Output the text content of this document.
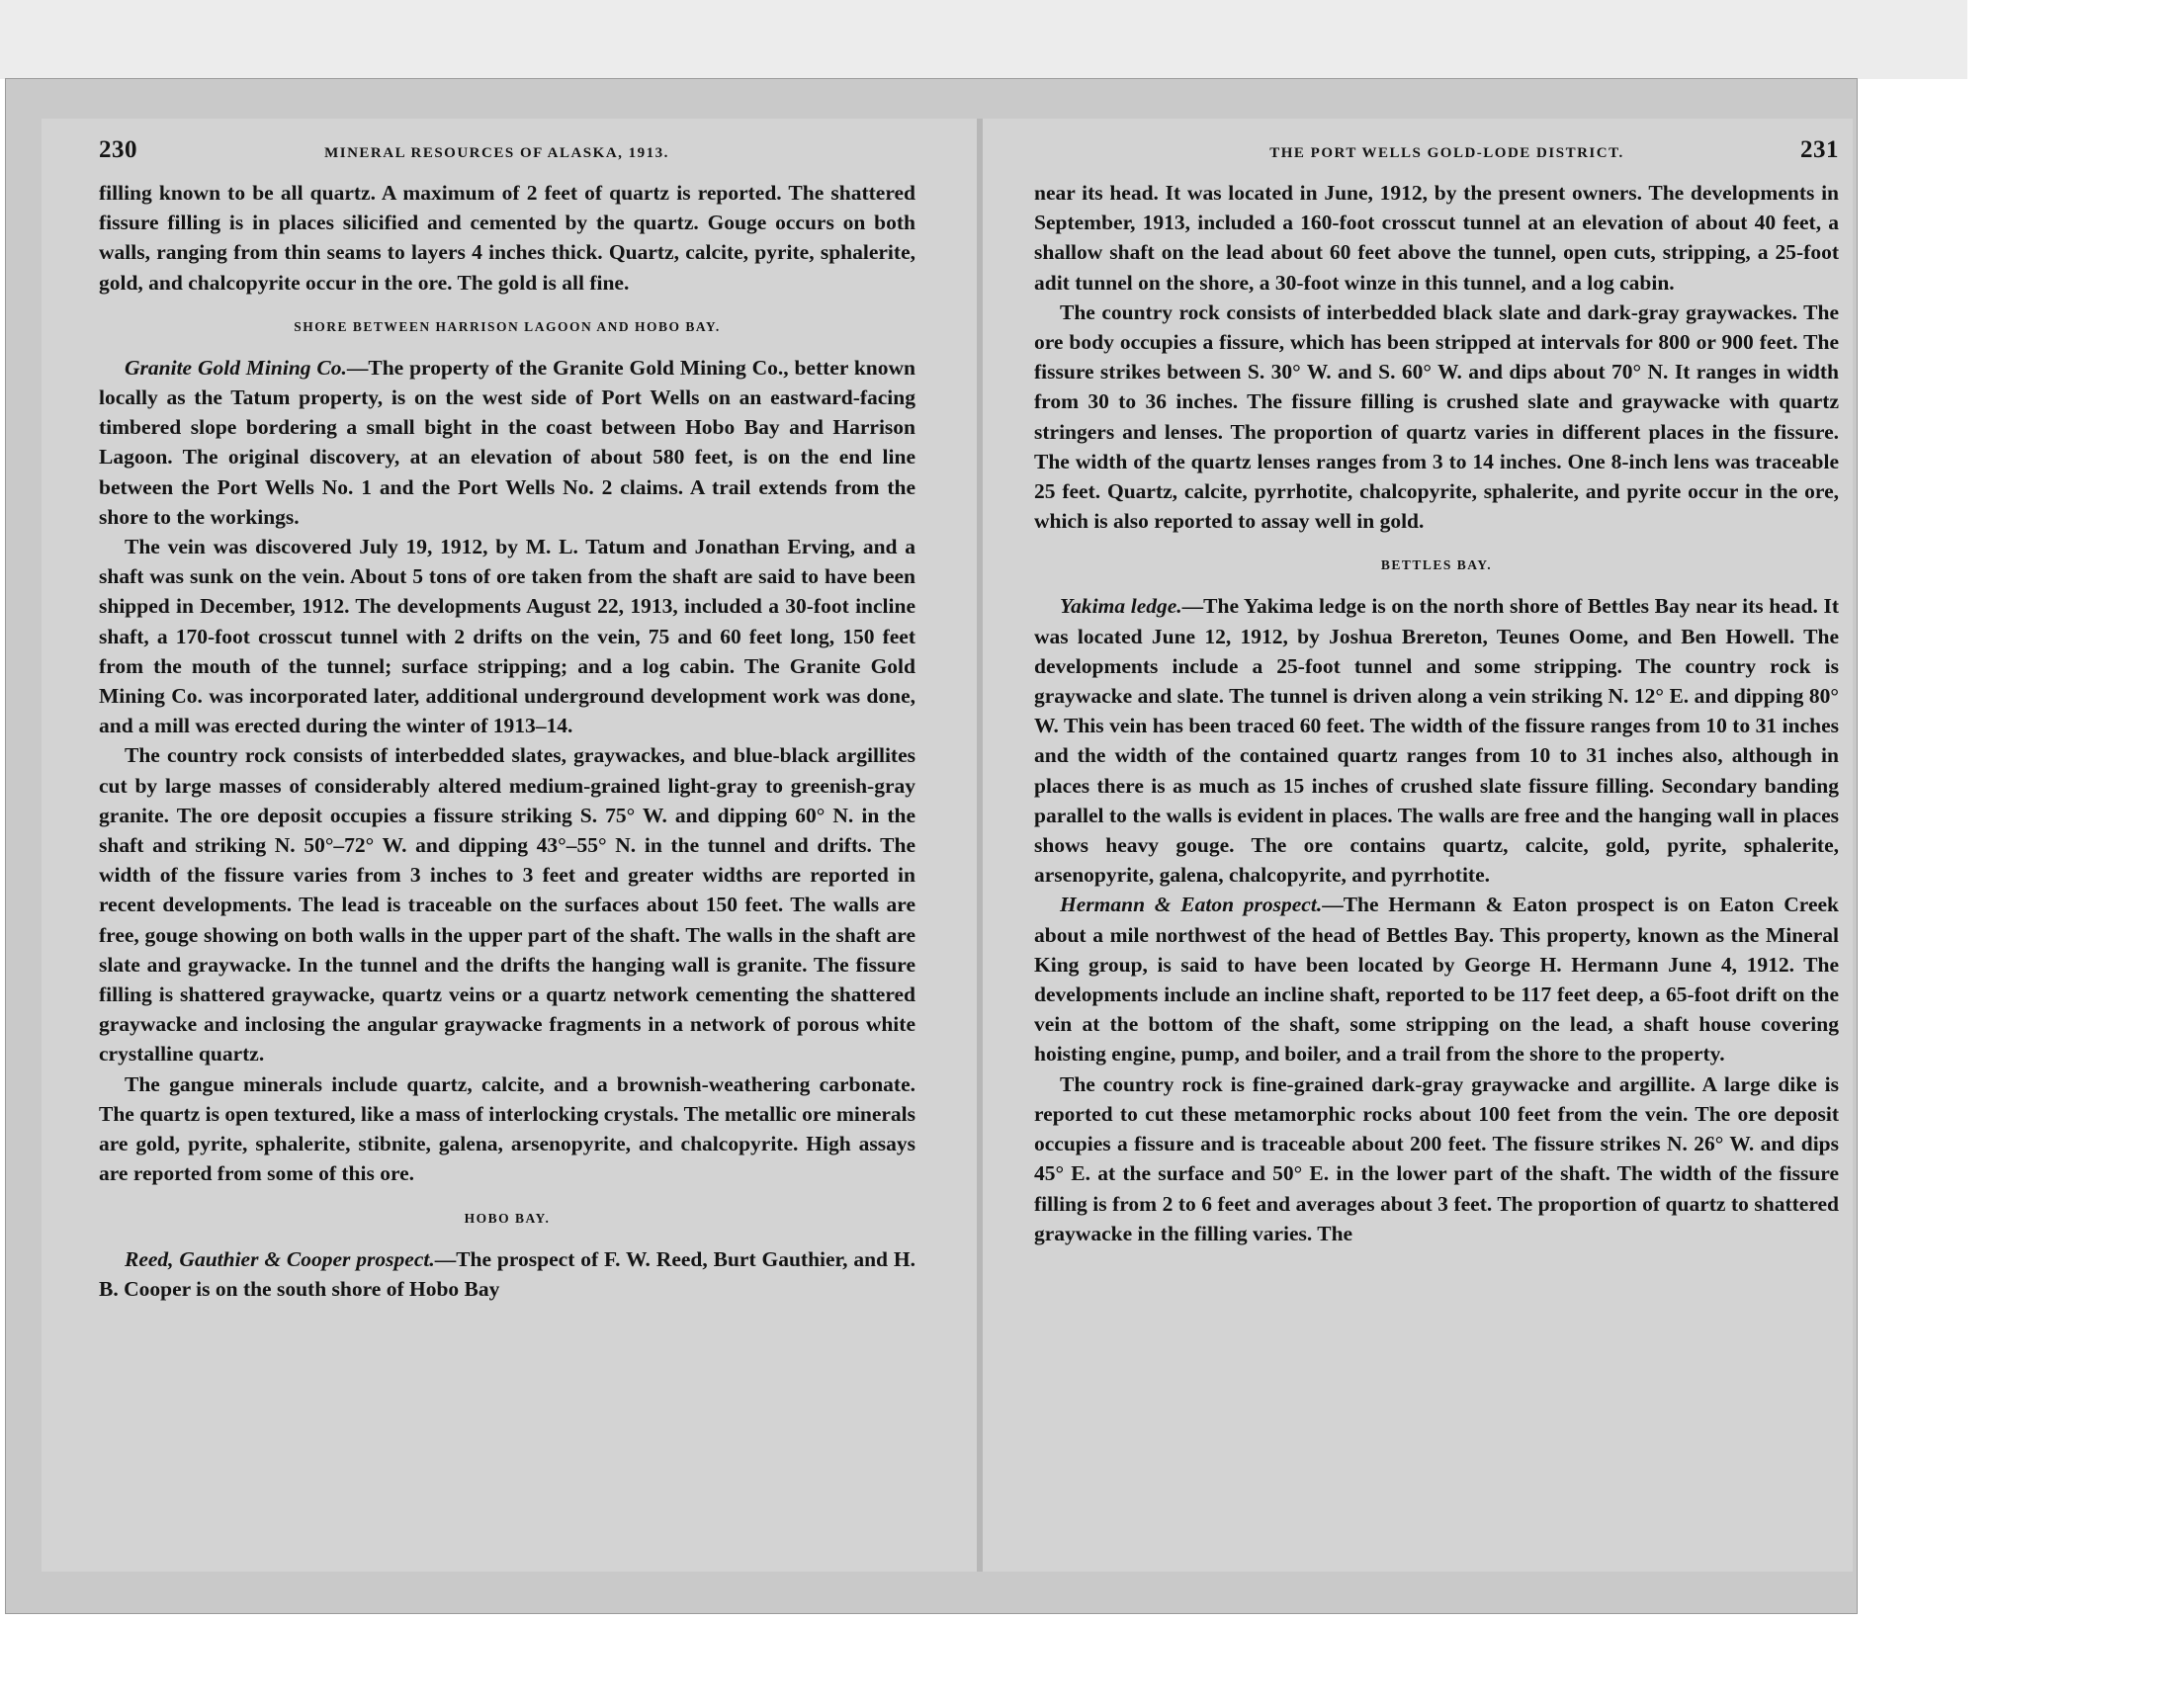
230	MINERAL RESOURCES OF ALASKA, 1913.

filling known to be all quartz. A maximum of 2 feet of quartz is reported. The shattered fissure filling is in places silicified and cemented by the quartz. Gouge occurs on both walls, ranging from thin seams to layers 4 inches thick. Quartz, calcite, pyrite, sphalerite, gold, and chalcopyrite occur in the ore. The gold is all fine.

SHORE BETWEEN HARRISON LAGOON AND HOBO BAY.

Granite Gold Mining Co.—The property of the Granite Gold Mining Co., better known locally as the Tatum property, is on the west side of Port Wells on an eastward-facing timbered slope bordering a small bight in the coast between Hobo Bay and Harrison Lagoon. The original discovery, at an elevation of about 580 feet, is on the end line between the Port Wells No. 1 and the Port Wells No. 2 claims. A trail extends from the shore to the workings.

The vein was discovered July 19, 1912, by M. L. Tatum and Jonathan Erving, and a shaft was sunk on the vein. About 5 tons of ore taken from the shaft are said to have been shipped in December, 1912. The developments August 22, 1913, included a 30-foot incline shaft, a 170-foot crosscut tunnel with 2 drifts on the vein, 75 and 60 feet long, 150 feet from the mouth of the tunnel; surface stripping; and a log cabin. The Granite Gold Mining Co. was incorporated later, additional underground development work was done, and a mill was erected during the winter of 1913–14.

The country rock consists of interbedded slates, graywackes, and blue-black argillites cut by large masses of considerably altered medium-grained light-gray to greenish-gray granite. The ore deposit occupies a fissure striking S. 75° W. and dipping 60° N. in the shaft and striking N. 50°–72° W. and dipping 43°–55° N. in the tunnel and drifts. The width of the fissure varies from 3 inches to 3 feet and greater widths are reported in recent developments. The lead is traceable on the surfaces about 150 feet. The walls are free, gouge showing on both walls in the upper part of the shaft. The walls in the shaft are slate and graywacke. In the tunnel and the drifts the hanging wall is granite. The fissure filling is shattered graywacke, quartz veins or a quartz network cementing the shattered graywacke and inclosing the angular graywacke fragments in a network of porous white crystalline quartz.

The gangue minerals include quartz, calcite, and a brownish-weathering carbonate. The quartz is open textured, like a mass of interlocking crystals. The metallic ore minerals are gold, pyrite, sphalerite, stibnite, galena, arsenopyrite, and chalcopyrite. High assays are reported from some of this ore.

HOBO BAY.

Reed, Gauthier & Cooper prospect.—The prospect of F. W. Reed, Burt Gauthier, and H. B. Cooper is on the south shore of Hobo Bay

THE PORT WELLS GOLD-LODE DISTRICT.	231

near its head. It was located in June, 1912, by the present owners. The developments in September, 1913, included a 160-foot crosscut tunnel at an elevation of about 40 feet, a shallow shaft on the lead about 60 feet above the tunnel, open cuts, stripping, a 25-foot adit tunnel on the shore, a 30-foot winze in this tunnel, and a log cabin.

The country rock consists of interbedded black slate and dark-gray graywackes. The ore body occupies a fissure, which has been stripped at intervals for 800 or 900 feet. The fissure strikes between S. 30° W. and S. 60° W. and dips about 70° N. It ranges in width from 30 to 36 inches. The fissure filling is crushed slate and graywacke with quartz stringers and lenses. The proportion of quartz varies in different places in the fissure. The width of the quartz lenses ranges from 3 to 14 inches. One 8-inch lens was traceable 25 feet. Quartz, calcite, pyrrhotite, chalcopyrite, sphalerite, and pyrite occur in the ore, which is also reported to assay well in gold.

BETTLES BAY.

Yakima ledge.—The Yakima ledge is on the north shore of Bettles Bay near its head. It was located June 12, 1912, by Joshua Brereton, Teunes Oome, and Ben Howell. The developments include a 25-foot tunnel and some stripping. The country rock is graywacke and slate. The tunnel is driven along a vein striking N. 12° E. and dipping 80° W. This vein has been traced 60 feet. The width of the fissure ranges from 10 to 31 inches and the width of the contained quartz ranges from 10 to 31 inches also, although in places there is as much as 15 inches of crushed slate fissure filling. Secondary banding parallel to the walls is evident in places. The walls are free and the hanging wall in places shows heavy gouge. The ore contains quartz, calcite, gold, pyrite, sphalerite, arsenopyrite, galena, chalcopyrite, and pyrrhotite.

Hermann & Eaton prospect.—The Hermann & Eaton prospect is on Eaton Creek about a mile northwest of the head of Bettles Bay. This property, known as the Mineral King group, is said to have been located by George H. Hermann June 4, 1912. The developments include an incline shaft, reported to be 117 feet deep, a 65-foot drift on the vein at the bottom of the shaft, some stripping on the lead, a shaft house covering hoisting engine, pump, and boiler, and a trail from the shore to the property.

The country rock is fine-grained dark-gray graywacke and argillite. A large dike is reported to cut these metamorphic rocks about 100 feet from the vein. The ore deposit occupies a fissure and is traceable about 200 feet. The fissure strikes N. 26° W. and dips 45° E. at the surface and 50° E. in the lower part of the shaft. The width of the fissure filling is from 2 to 6 feet and averages about 3 feet. The proportion of quartz to shattered graywacke in the filling varies. The
